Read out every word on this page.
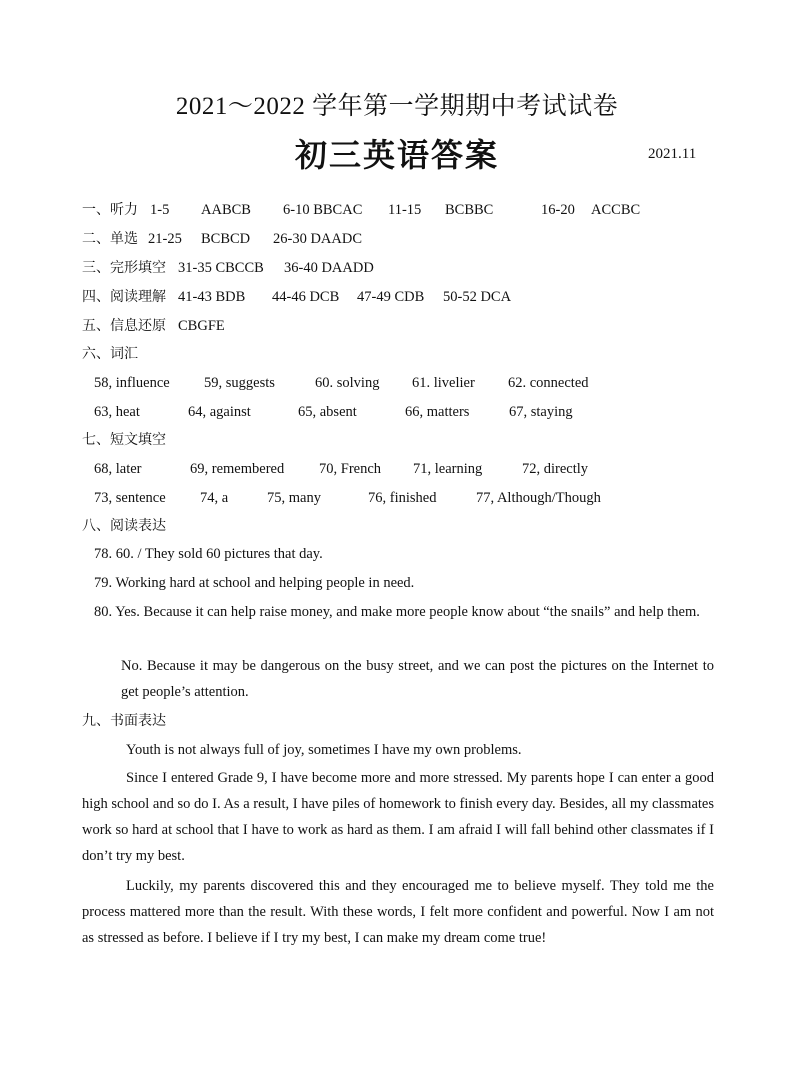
2021～2022 学年第一学期期中考试试卷
初三英语答案	2021.11
一、听力 1-5 AABCB 6-10 BBCAC 11-15 BCBBC	16-20 ACCBC
二、单选 21-25 BCBCD 26-30 DAADC
三、完形填空 31-35 CBCCB 36-40 DAADD
四、阅读理解 41-43 BDB 44-46 DCB 47-49 CDB 50-52 DCA
五、信息还原 CBGFE
六、词汇
58, influence 59, suggests	60. solving 61. livelier 62. connected
63, heat	64, against	65, absent	66, matters	67, staying
七、短文填空
68, later	69, remembered 70, French 71, learning	72, directly
73, sentence 74, a	75, many	76, finished	77, Although/Though
八、阅读表达
78. 60. / They sold 60 pictures that day.
79. Working hard at school and helping people in need.
80. Yes. Because it can help raise money, and make more people know about “the snails” and help them.
No. Because it may be dangerous on the busy street, and we can post the pictures on the Internet to get people’s attention.
九、书面表达
Youth is not always full of joy, sometimes I have my own problems.
Since I entered Grade 9, I have become more and more stressed. My parents hope I can enter a good high school and so do I. As a result, I have piles of homework to finish every day. Besides, all my classmates work so hard at school that I have to work as hard as them. I am afraid I will fall behind other classmates if I don’t try my best.
Luckily, my parents discovered this and they encouraged me to believe myself. They told me the process mattered more than the result. With these words, I felt more confident and powerful. Now I am not as stressed as before. I believe if I try my best, I can make my dream come true!
